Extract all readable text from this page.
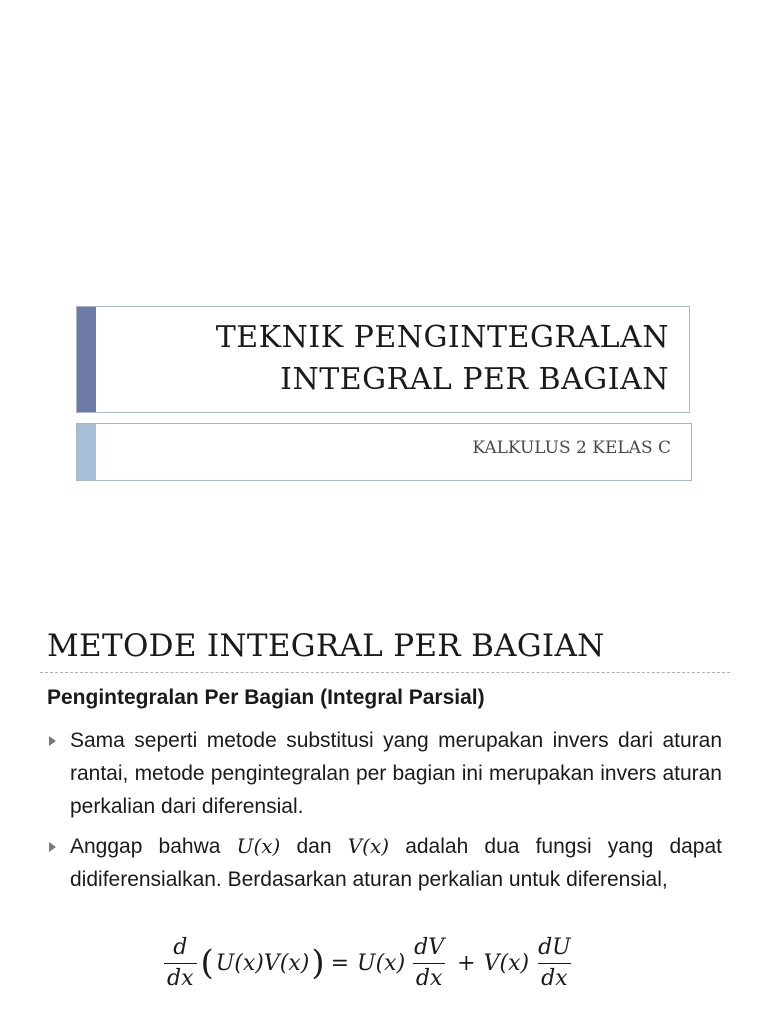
TEKNIK PENGINTEGRALAN
INTEGRAL PER BAGIAN
KALKULUS 2 KELAS C
METODE INTEGRAL PER BAGIAN
Pengintegralan Per Bagian (Integral Parsial)
Sama seperti metode substitusi yang merupakan invers dari aturan rantai, metode pengintegralan per bagian ini merupakan invers aturan perkalian dari diferensial.
Anggap bahwa U(x) dan V(x) adalah dua fungsi yang dapat didiferensialkan. Berdasarkan aturan perkalian untuk diferensial,
$\frac{d}{dx}$ ( U(x)V(x) ) = $U(x) \frac{dV}{dx} + V(x) \frac{dU}{dx}$
